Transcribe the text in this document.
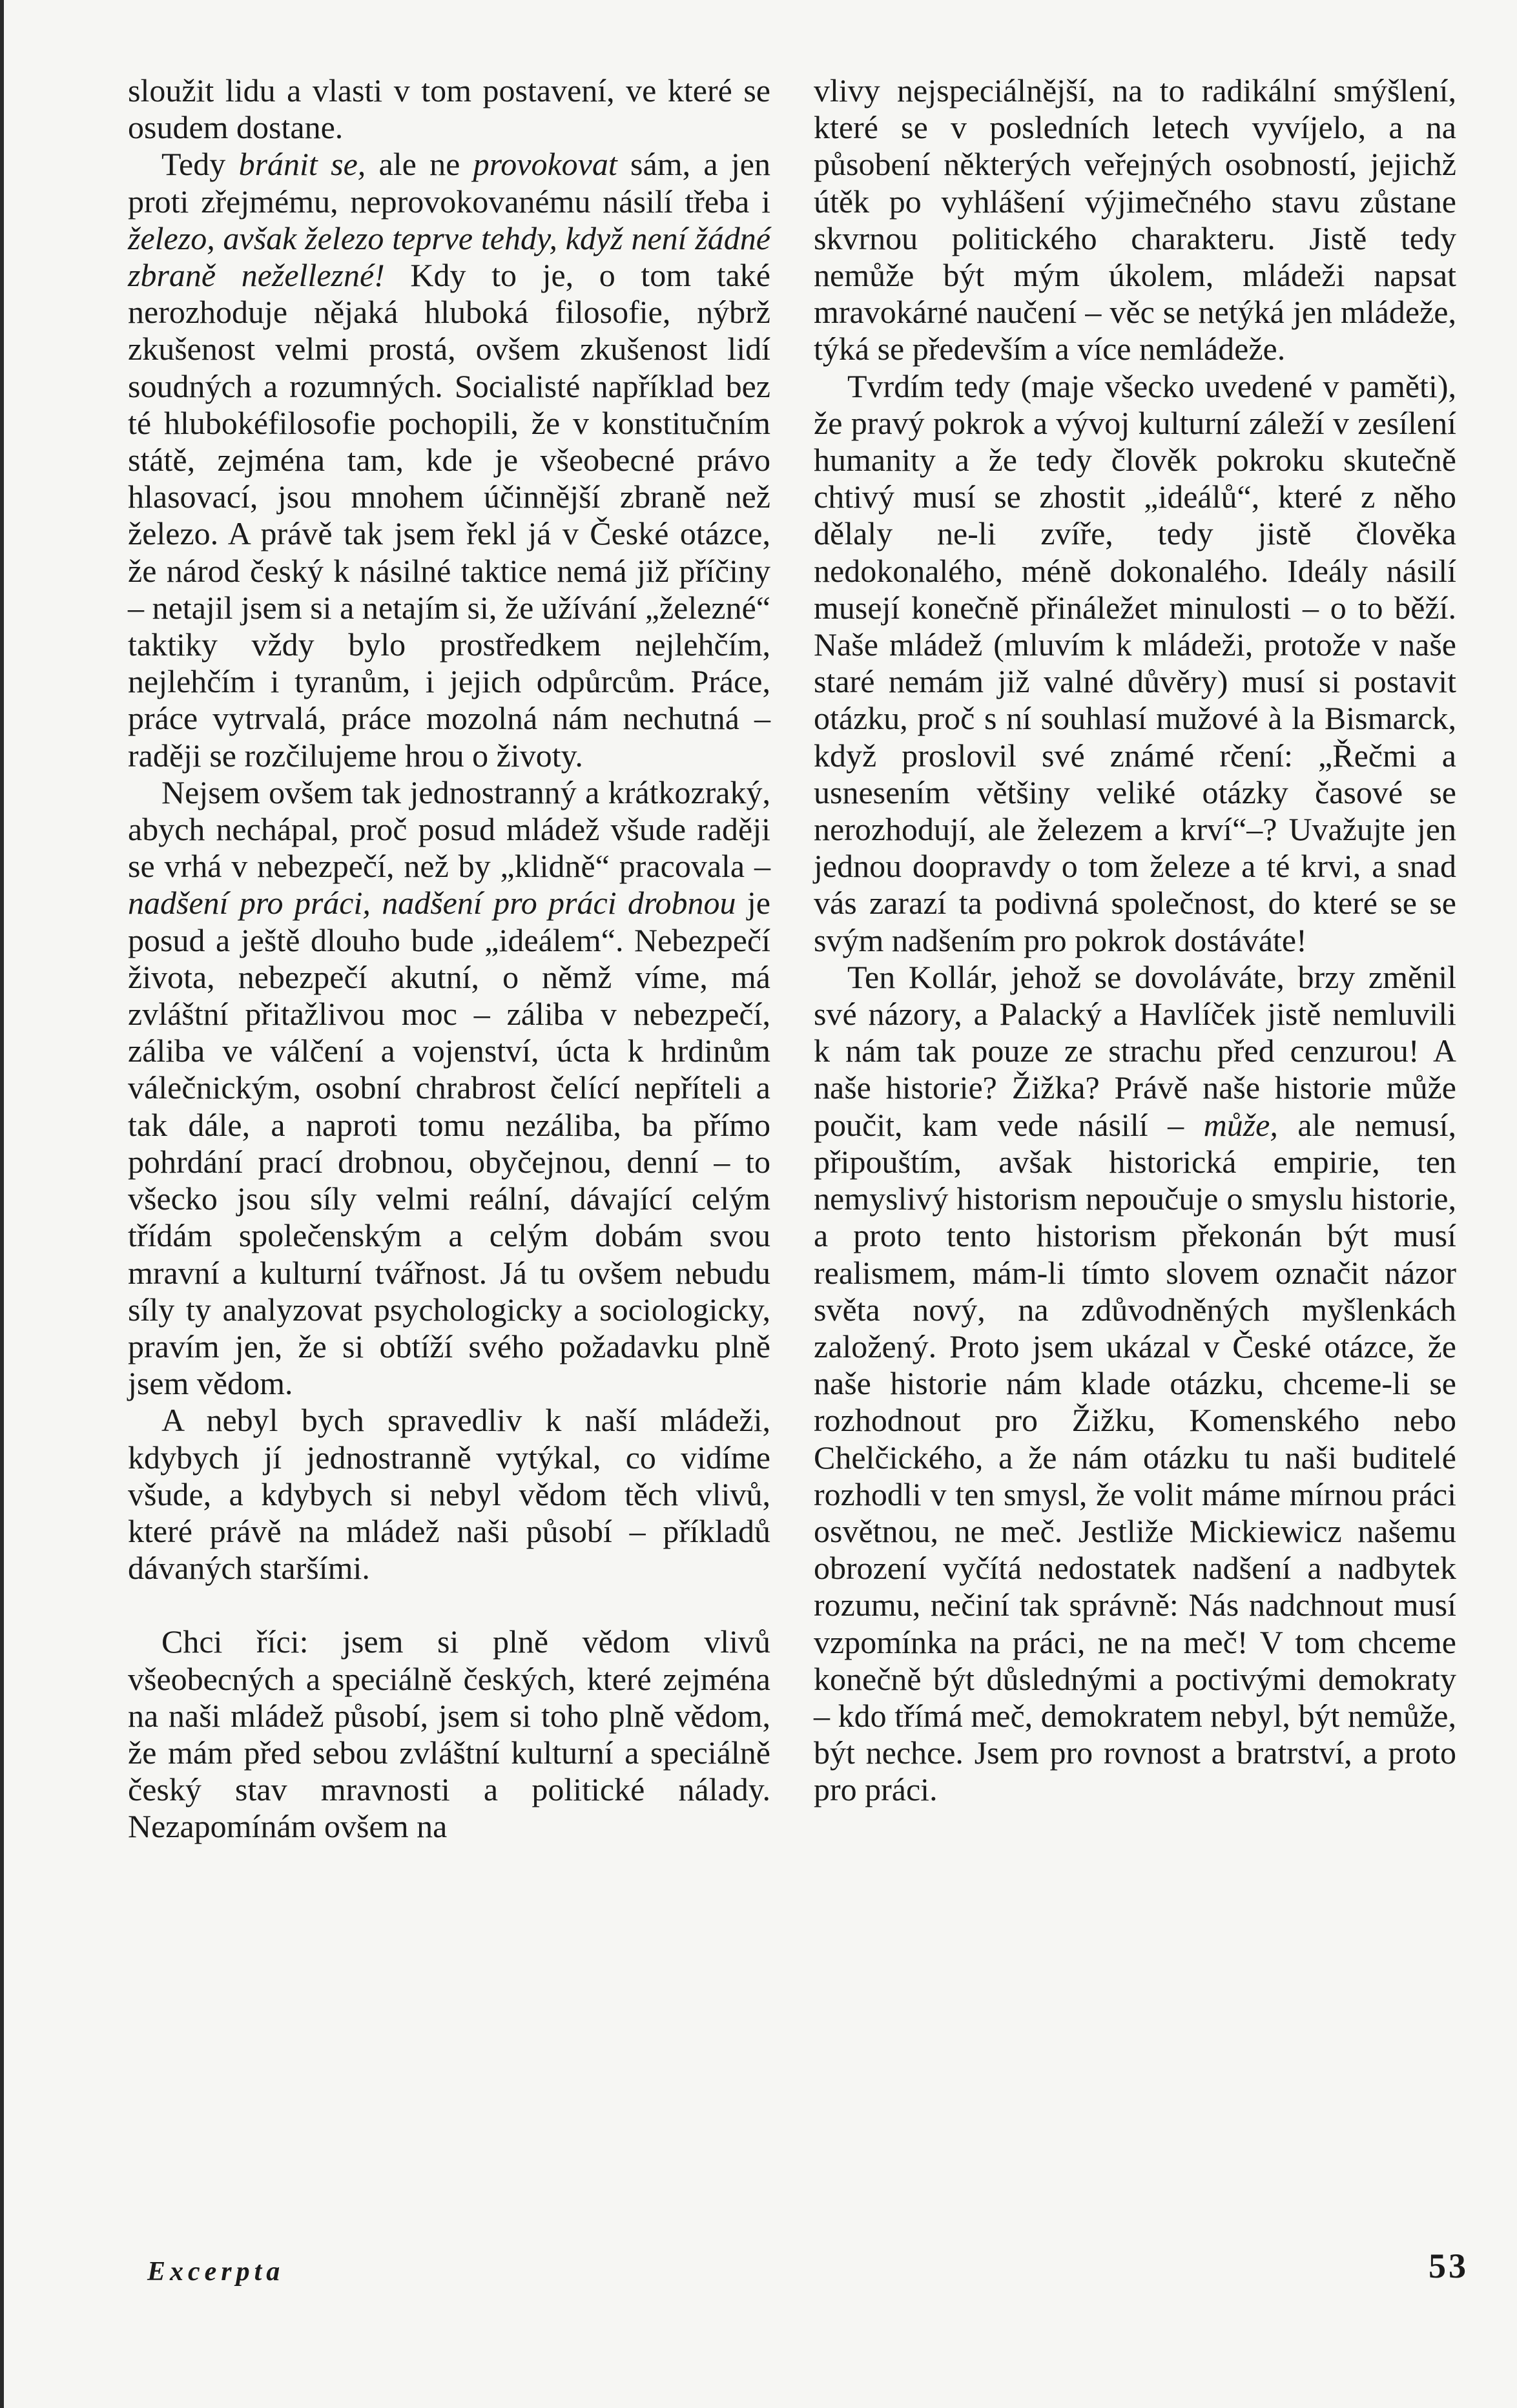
sloužit lidu a vlasti v tom postavení, ve které se osudem dostane.

Tedy bránit se, ale ne provokovat sám, a jen proti zřejmému, neprovokovanému násilí třeba i železo, avšak železo teprve tehdy, když není žádné zbraně nežellezné! Kdy to je, o tom také nerozhoduje nějaká hluboká filosofie, nýbrž zkušenost velmi prostá, ovšem zkušenost lidí soudných a rozumných. Socialisté například bez té hlubokéfilosofie pochopili, že v konstitučním státě, zejména tam, kde je všeobecné právo hlasovací, jsou mnohem účinnější zbraně než železo. A právě tak jsem řekl já v České otázce, že národ český k násilné taktice nemá již příčiny – netajil jsem si a netajím si, že užívání „železné“ taktiky vždy bylo prostředkem nejlehčím, nejlehčím i tyranům, i jejich odpůrcům. Práce, práce vytrvalá, práce mozolná nám nechutná – raději se rozčilujeme hrou o životy.

Nejsem ovšem tak jednostranný a krátkozraký, abych nechápal, proč posud mládež všude raději se vrhá v nebezpečí, než by „klidně“ pracovala – nadšení pro práci, nadšení pro práci drobnou je posud a ještě dlouho bude „ideálem“. Nebezpečí života, nebezpečí akutní, o němž víme, má zvláštní přitažlivou moc – záliba v nebezpečí, záliba ve válčení a vojenství, úcta k hrdinům válečnickým, osobní chrabrost čelící nepříteli a tak dále, a naproti tomu nezáliba, ba přímo pohrdání prací drobnou, obyčejnou, denní – to všecko jsou síly velmi reální, dávající celým třídám společenským a celým dobám svou mravní a kulturní tvářnost. Já tu ovšem nebudu síly ty analyzovat psychologicky a sociologicky, pravím jen, že si obtíží svého požadavku plně jsem vědom.

A nebyl bych spravedliv k naší mládeži, kdybych jí jednostranně vytýkal, co vidíme všude, a kdybych si nebyl vědom těch vlivů, které právě na mládež naši působí – příkladů dávaných staršími.

Chci říci: jsem si plně vědom vlivů všeobecných a speciálně českých, které zejména na naši mládež působí, jsem si toho plně vědom, že mám před sebou zvláštní kulturní a speciálně český stav mravnosti a politické nálady. Nezapomínám ovšem na

vlivy nejspeciálnější, na to radikální smýšlení, které se v posledních letech vyvíjelo, a na působení některých veřejných osobností, jejichž útěk po vyhlášení výjimečného stavu zůstane skvrnou politického charakteru. Jistě tedy nemůže být mým úkolem, mládeži napsat mravokárné naučení – věc se netýká jen mládeže, týká se především a více nemládeže.

Tvrdím tedy (maje všecko uvedené v paměti), že pravý pokrok a vývoj kulturní záleží v zesílení humanity a že tedy člověk pokroku skutečně chtivý musí se zhostit „ideálů“, které z něho dělaly ne-li zvíře, tedy jistě člověka nedokonalého, méně dokonalého. Ideály násilí musejí konečně přináležet minulosti – o to běží. Naše mládež (mluvím k mládeži, protože v naše staré nemám již valné důvěry) musí si postavit otázku, proč s ní souhlasí mužové à la Bismarck, když proslovil své známé rčení: „Řečmi a usnesením většiny veliké otázky časové se nerozhodují, ale železem a krví“–? Uvažujte jen jednou doopravdy o tom železe a té krvi, a snad vás zarazí ta podivná společnost, do které se se svým nadšením pro pokrok dostáváte!

Ten Kollár, jehož se dovoláváte, brzy změnil své názory, a Palacký a Havlíček jistě nemluvili k nám tak pouze ze strachu před cenzurou! A naše historie? Žižka? Právě naše historie může poučit, kam vede násilí – může, ale nemusí, připouštím, avšak historická empirie, ten nemyslivý historism nepoučuje o smyslu historie, a proto tento historism překonán být musí realismem, mám-li tímto slovem označit názor světa nový, na zdůvodněných myšlenkách založený. Proto jsem ukázal v České otázce, že naše historie nám klade otázku, chceme-li se rozhodnout pro Žižku, Komenského nebo Chelčického, a že nám otázku tu naši buditelé rozhodli v ten smysl, že volit máme mírnou práci osvětnou, ne meč. Jestliže Mickiewicz našemu obrození vyčítá nedostatek nadšení a nadbytek rozumu, nečiní tak správně: Nás nadchnout musí vzpomínka na práci, ne na meč! V tom chceme konečně být důslednými a poctivými demokraty – kdo třímá meč, demokratem nebyl, být nemůže, být nechce. Jsem pro rovnost a bratrství, a proto pro práci.

Excerpta	53
